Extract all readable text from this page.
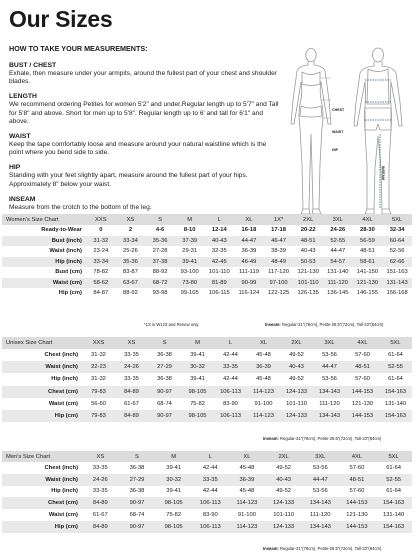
Our Sizes
HOW TO TAKE YOUR MEASUREMENTS:
BUST / CHEST
Exhale, then measure under your armpits, around the fullest part of your chest and shoulder blades.
LENGTH
We recommend ordering Petites for women 5'2" and under.Regular length up to 5'7" and Tall for 5'8" and above. Short for men up to 5'8". Regular length up to 6' and tall for 6'1" and above.
WAIST
Keep the tape comfortably loose and measure around your natural waistline which is the point where you bend side to side.
HIP
Standing with your feet slightly apart, measure around the fullest part of your hips. Approximately 8" below your waist.
INSEAM
Measure from the crotch to the bottom of the leg.
CHEST
WAIST
HIP
INSEAM
Women's Size Chart	XXS	XS	S	M	L	XL	1X*	2XL	3XL	4XL	5XL
Ready-to-Wear	0	2	4-6	8-10	12-14	16-18	17-18	20-22	24-26	28-30	32-34
Bust (inch)	31-32	33-34	35-36	37-39	40-43	44-47	46-47	48-51	52-55	56-59	60-64
Waist (inch)	23-24	25-26	27-28	29-31	32-35	36-39	38-39	40-43	44-47	48-51	52-56
Hip (inch)	33-34	35-36	37-38	39-41	42-45	46-49	48-49	50-53	54-57	58-61	62-66
Bust (cm)	78-82	83-87	88-92	93-100	101-110	111-119	117-120	121-130	131-140	141-150	151-163
Waist (cm)	58-62	63-67	68-72	73-80	81-89	90-99	97-100	101-110	111-120	121-130	131-143
Hip (cm)	84-87	88-92	93-98	99-105	106-115	116-124	122-125	126-135	136-145	146-155	156-168
*1X in W123 and Renew only.	Inseam: Regular-31"(79cm), Petite-28.5"(72cm), Tall-33"(84cm)
Unisex Size Chart	XXS	XS	S	M	L	XL	2XL	3XL	4XL	5XL
Chest (inch)	31-32	33-35	36-38	39-41	42-44	45-48	49-52	53-56	57-60	61-64
Waist (inch)	22-23	24-26	27-29	30-32	33-35	36-39	40-43	44-47	48-51	52-55
Hip (inch)	31-32	33-35	36-38	39-41	42-44	45-48	49-52	53-56	57-60	61-64
Chest (cm)	79-83	84-89	90-97	98-105	106-113	114-123	124-133	134-143	144-153	154-163
Waist (cm)	56-60	61-67	68-74	75-82	83-90	91-100	101-110	111-120	121-130	131-140
Hip (cm)	79-83	84-89	90-97	98-105	106-113	114-123	124-133	134-143	144-153	154-163
Inseam: Regular-31"(79cm), Petite-28.5"(72cm), Tall-33"(84cm)
Men's Size Chart	XS	S	M	L	XL	2XL	3XL	4XL	5XL
Chest (inch)	33-35	36-38	39-41	42-44	45-48	49-52	53-56	57-60	61-64
Waist (inch)	24-26	27-29	30-32	33-35	36-39	40-43	44-47	48-51	52-55
Hip (inch)	33-35	36-38	39-41	42-44	45-48	49-52	53-56	57-60	61-64
Chest (cm)	84-89	90-97	98-105	106-113	114-123	124-133	134-143	144-153	154-163
Waist (cm)	61-67	68-74	75-82	83-90	91-100	101-110	111-120	121-130	131-140
Hip (cm)	84-89	90-97	98-105	106-113	114-123	124-133	134-143	144-153	154-163
Inseam: Regular-31"(79cm), Petite-28.5"(72cm), Tall-33"(84cm)
